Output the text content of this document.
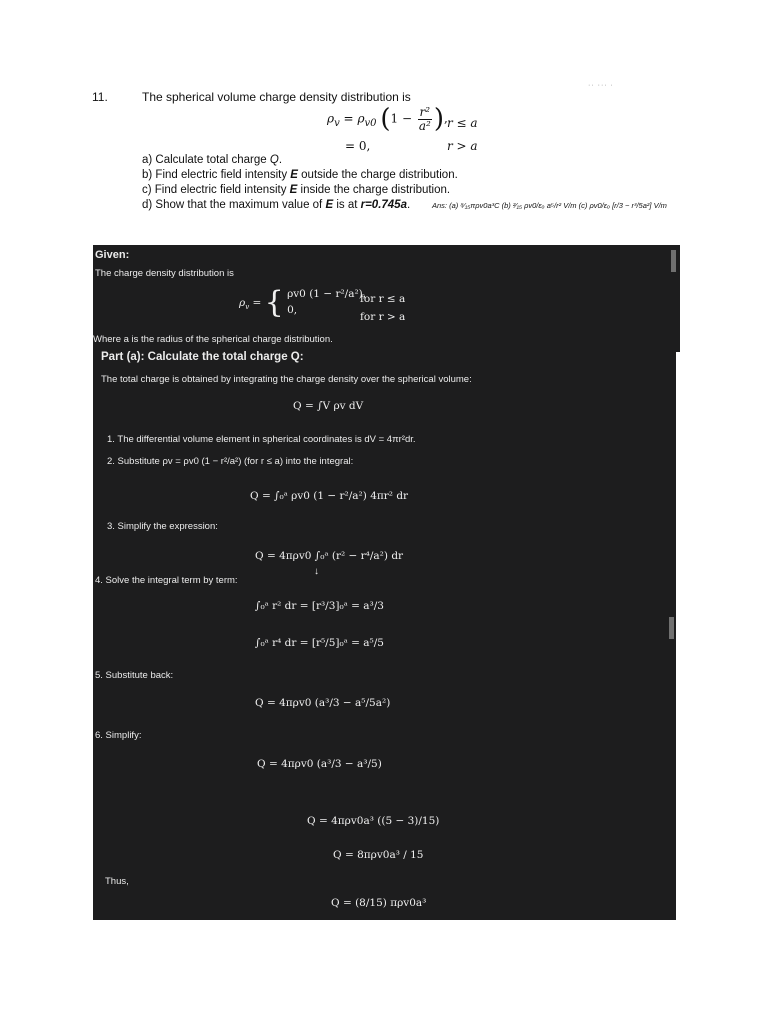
·· ··· ·
11.	The spherical volume charge density distribution is
$\rho_v = \rho_{v0}$ ($1 - \frac{\text{r²}}{\text{a²}}$ ), r ≤ a
= 0,	r > a
a) Calculate total charge Q.
b) Find electric field intensity E outside the charge distribution.
c) Find electric field intensity E inside the charge distribution.
d) Show that the maximum value of E is at r=0.745a.	Ans: (a) ⁸⁄₁₅πρv0a³C (b) ²⁄₁₅ ρv0/εₒ a⁵/r² V/m (c) ρv0/εₒ [r/3 − r³/5a²] V/m
Given:
The charge density distribution is
$\rho_v$ = { ρv0 (1 − r²/a²),
0,
for r ≤ a
for r > a
Where a is the radius of the spherical charge distribution.
Part (a): Calculate the total charge Q:
The total charge is obtained by integrating the charge density over the spherical volume:
Q = ∫V ρv dV
1. The differential volume element in spherical coordinates is dV = 4πr²dr.
2. Substitute ρv = ρv0 (1 − r²/a²) (for r ≤ a) into the integral:
Q = ∫₀ᵃ ρv0 (1 − r²/a²) 4πr² dr
3. Simplify the expression:
Q = 4πρv0 ∫₀ᵃ (r² − r⁴/a²) dr
↓
4. Solve the integral term by term:
∫₀ᵃ r² dr = [r³/3]₀ᵃ = a³/3
∫₀ᵃ r⁴ dr = [r⁵/5]₀ᵃ = a⁵/5
5. Substitute back:
Q = 4πρv0 (a³/3 − a⁵/5a²)
6. Simplify:
Q = 4πρv0 (a³/3 − a³/5)
Q = 4πρv0a³ ((5 − 3)/15)
Q = 8πρv0a³ / 15
Thus,
Q = (8/15) πρv0a³
